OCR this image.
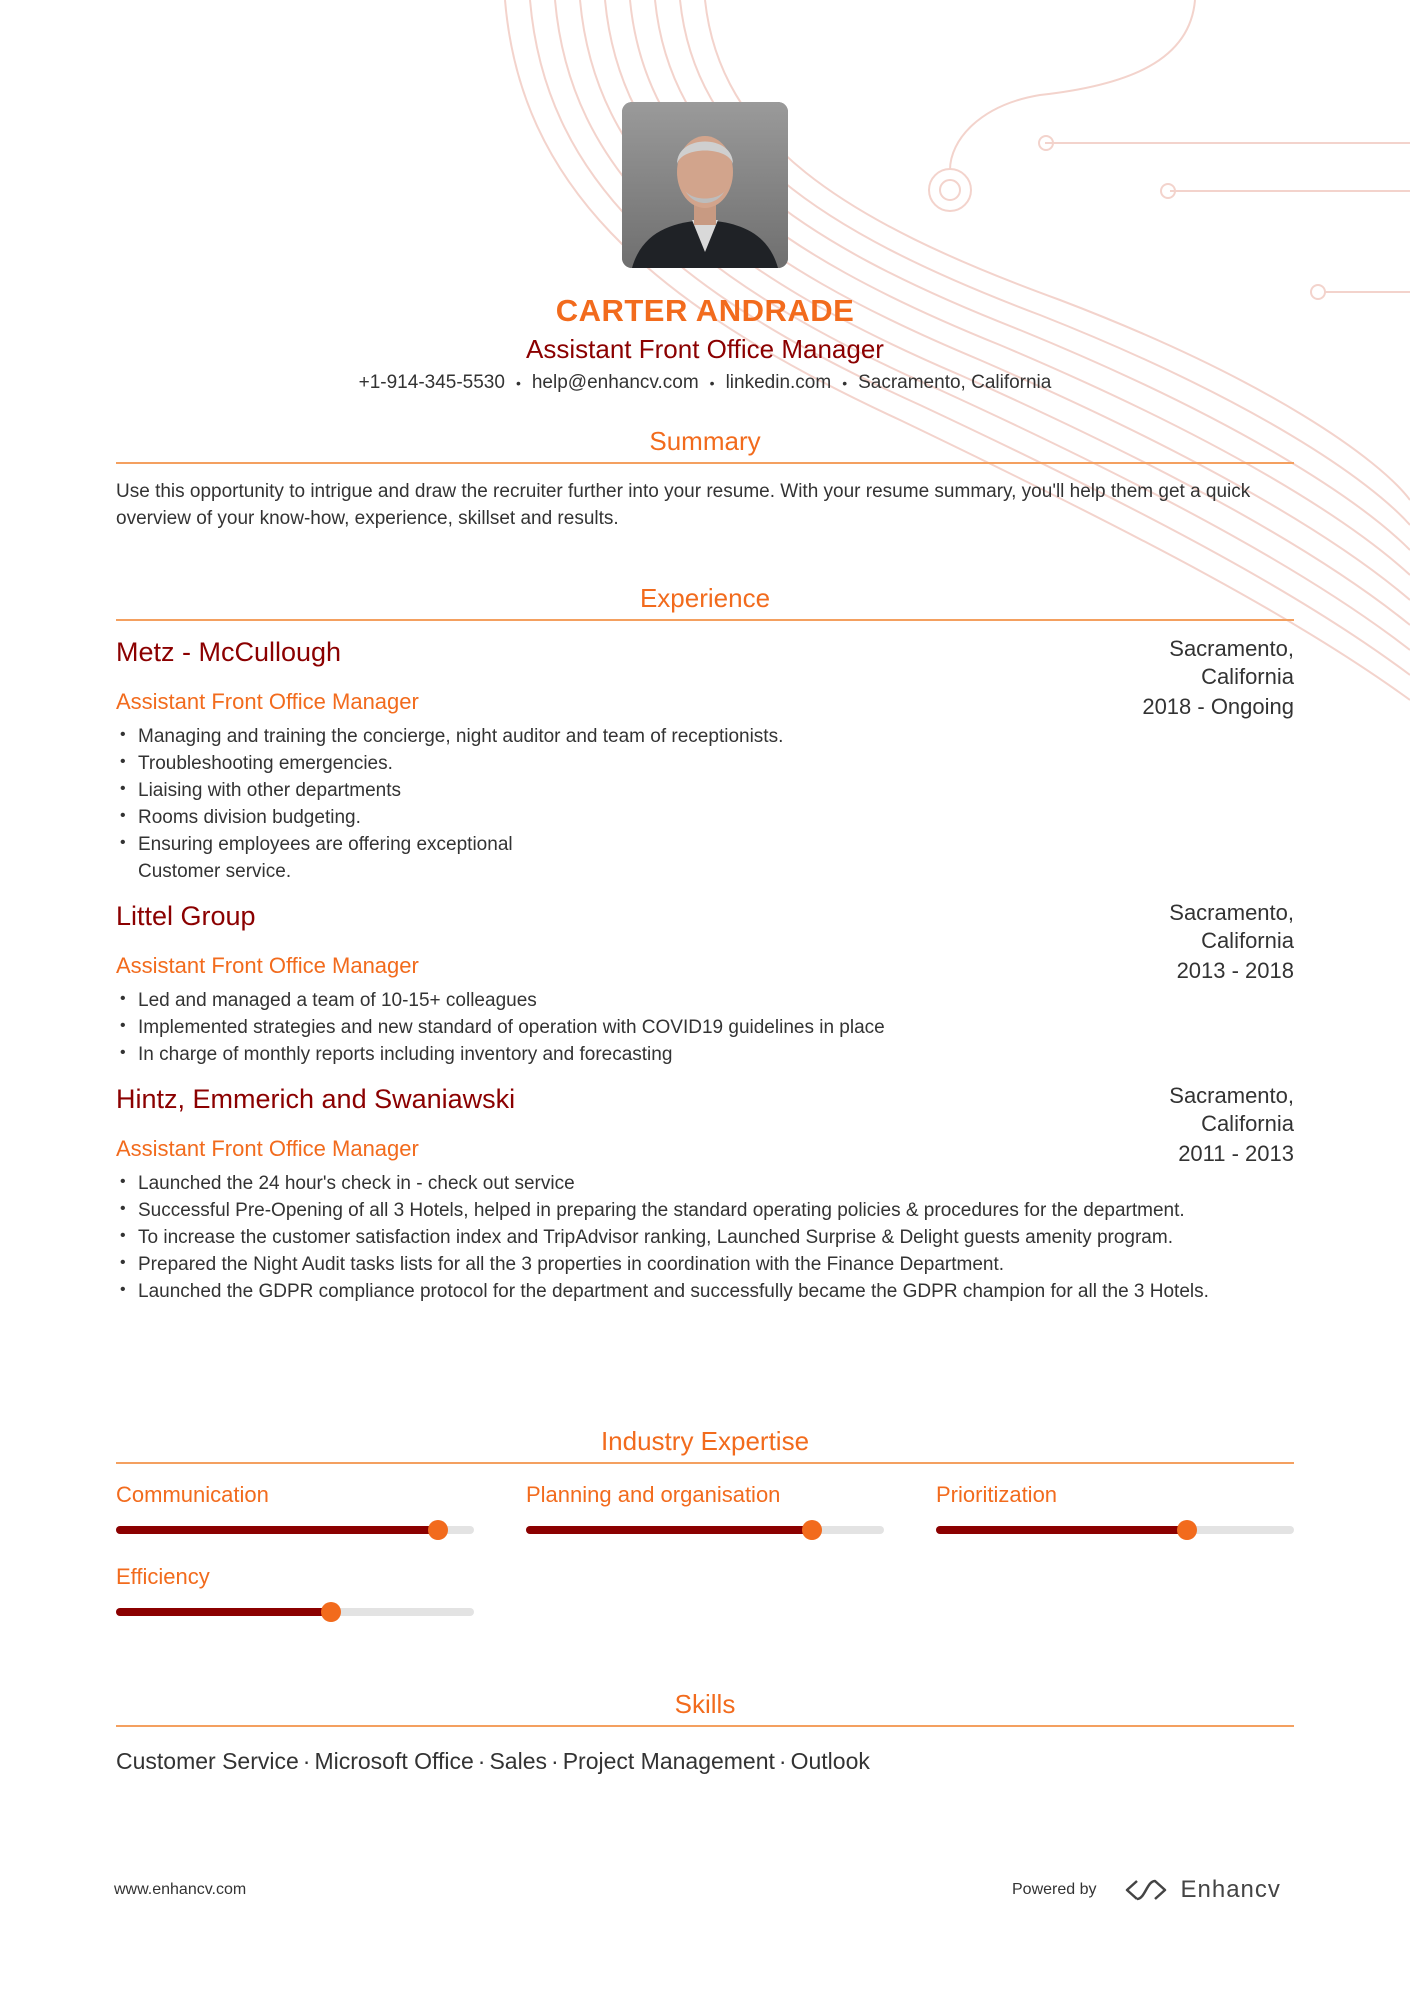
CARTER ANDRADE
Assistant Front Office Manager
+1-914-345-5530 • help@enhancv.com • linkedin.com • Sacramento, California
Summary
Use this opportunity to intrigue and draw the recruiter further into your resume. With your resume summary, you'll help them get a quick overview of your know-how, experience, skillset and results.
Experience
Metz - McCullough	Sacramento, California
2018 - Ongoing
Assistant Front Office Manager
• Managing and training the concierge, night auditor and team of receptionists.
• Troubleshooting emergencies.
• Liaising with other departments
• Rooms division budgeting.
• Ensuring employees are offering exceptional Customer service.
Littel Group	Sacramento, California
2013 - 2018
Assistant Front Office Manager
• Led and managed a team of 10-15+ colleagues
• Implemented strategies and new standard of operation with COVID19 guidelines in place
• In charge of monthly reports including inventory and forecasting
Hintz, Emmerich and Swaniawski	Sacramento, California
2011 - 2013
Assistant Front Office Manager
• Launched the 24 hour's check in - check out service
• Successful Pre-Opening of all 3 Hotels, helped in preparing the standard operating policies & procedures for the department.
• To increase the customer satisfaction index and TripAdvisor ranking, Launched Surprise & Delight guests amenity program.
• Prepared the Night Audit tasks lists for all the 3 properties in coordination with the Finance Department.
• Launched the GDPR compliance protocol for the department and successfully became the GDPR champion for all the 3 Hotels.
Industry Expertise
Communication	Planning and organisation	Prioritization
Efficiency
Skills
Customer Service · Microsoft Office · Sales · Project Management · Outlook
www.enhancv.com	Powered by	Enhancv
